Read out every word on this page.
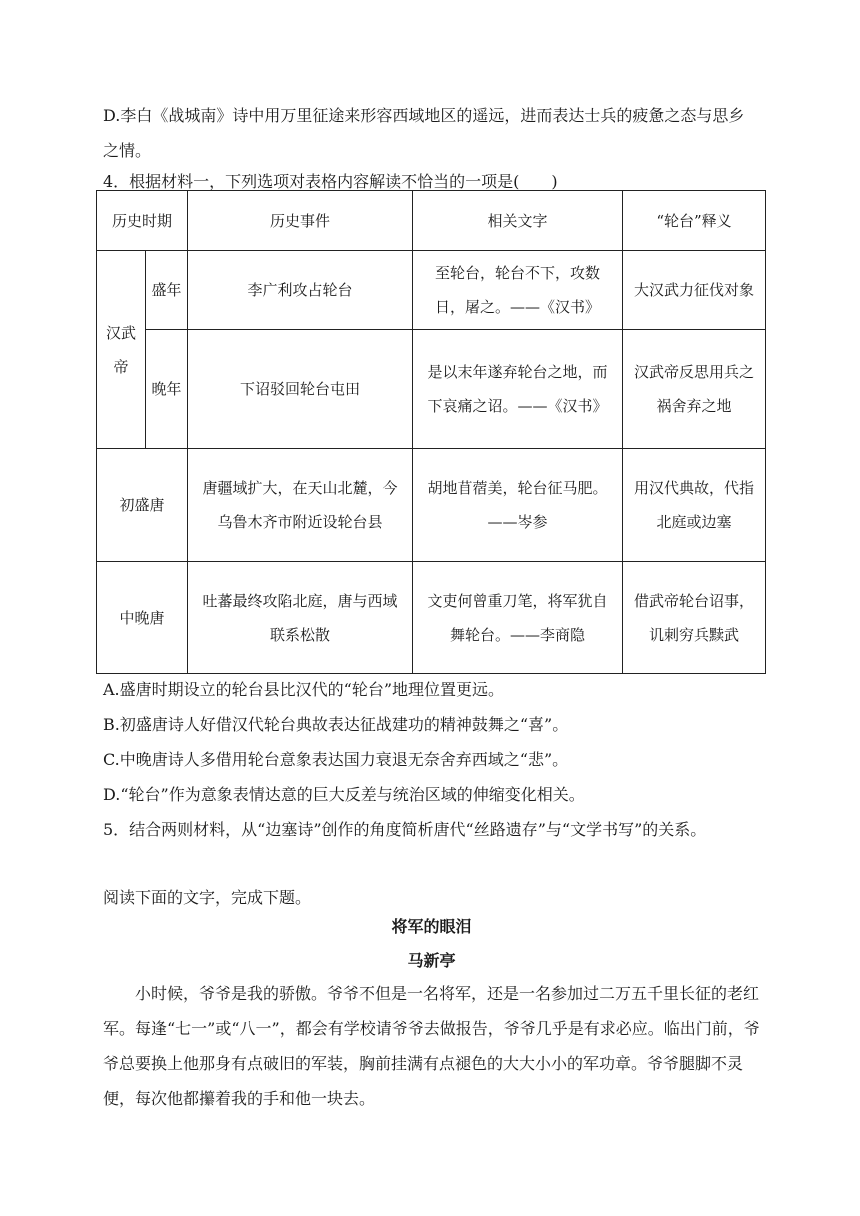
D.李白《战城南》诗中用万里征途来形容西域地区的遥远，进而表达士兵的疲惫之态与思乡之情。

4．根据材料一，下列选项对表格内容解读不恰当的一项是(　　)

历史时期		历史事件	相关文字	“轮台”释义
汉武帝	盛年	李广利攻占轮台	至轮台，轮台不下，攻数日，屠之。——《汉书》	大汉武力征伐对象
	晚年	下诏驳回轮台屯田	是以末年遂弃轮台之地，而下哀痛之诏。——《汉书》	汉武帝反思用兵之祸舍弃之地
初盛唐		唐疆域扩大，在天山北麓，今乌鲁木齐市附近设轮台县	胡地苜蓿美，轮台征马肥。——岑参	用汉代典故，代指北庭或边塞
中晚唐		吐蕃最终攻陷北庭，唐与西域联系松散	文吏何曾重刀笔，将军犹自舞轮台。——李商隐	借武帝轮台诏事，讥刺穷兵黩武

A.盛唐时期设立的轮台县比汉代的“轮台”地理位置更远。

B.初盛唐诗人好借汉代轮台典故表达征战建功的精神鼓舞之“喜”。

C.中晚唐诗人多借用轮台意象表达国力衰退无奈舍弃西域之“悲”。

D.“轮台”作为意象表情达意的巨大反差与统治区域的伸缩变化相关。

5．结合两则材料，从“边塞诗”创作的角度简析唐代“丝路遗存”与“文学书写”的关系。

阅读下面的文字，完成下题。

将军的眼泪

马新亭

小时候，爷爷是我的骄傲。爷爷不但是一名将军，还是一名参加过二万五千里长征的老红军。每逢“七一”或“八一”，都会有学校请爷爷去做报告，爷爷几乎是有求必应。临出门前，爷爷总要换上他那身有点破旧的军装，胸前挂满有点褪色的大大小小的军功章。爷爷腿脚不灵便，每次他都攥着我的手和他一块去。
